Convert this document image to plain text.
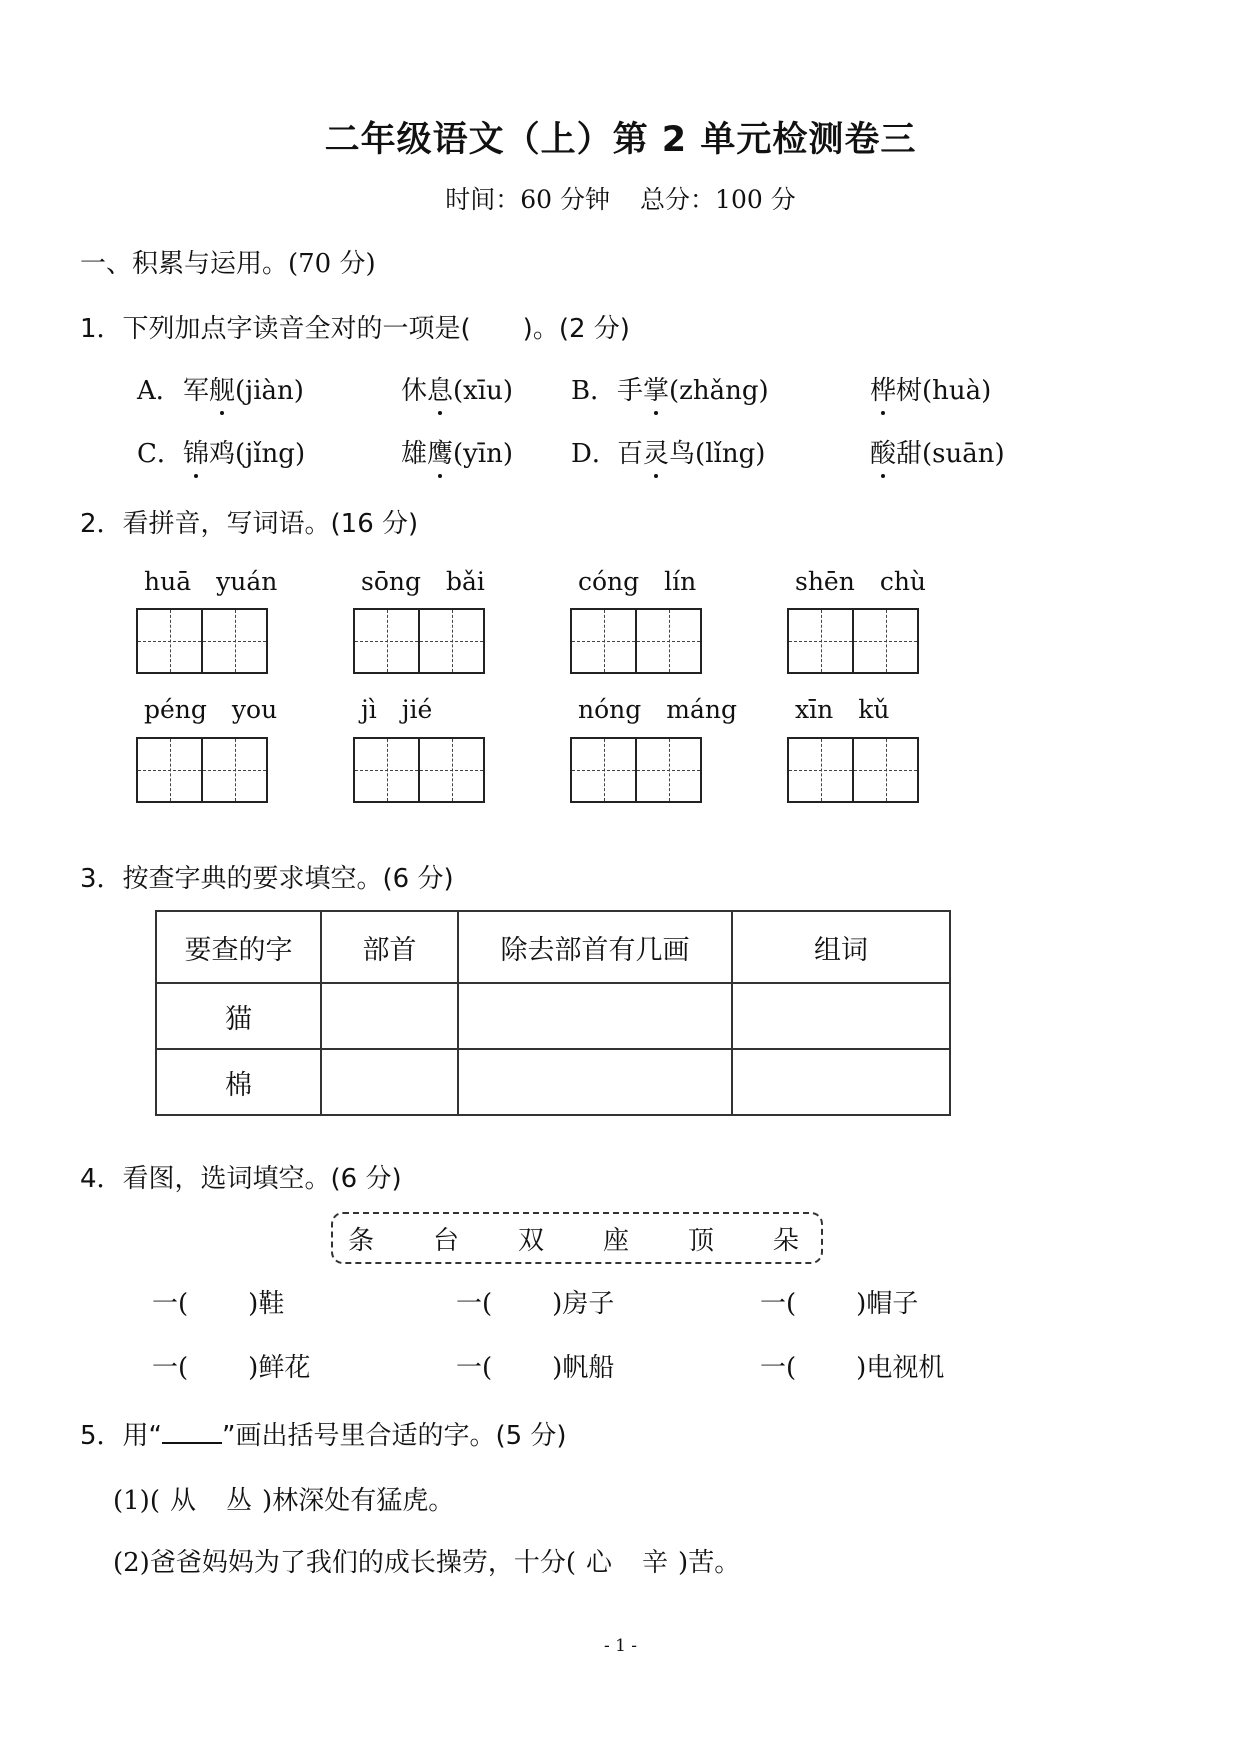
二年级语文（上）第 2 单元检测卷三
时间：60 分钟 总分：100 分
一、积累与运用。(70 分)
1．下列加点字读音全对的一项是(　　)。(2 分)
A．军舰(jiàn)	休息(xīu) B．手掌(zhǎng)	桦树(huà)
C．锦鸡(jǐng)	雄鹰(yīn) D．百灵鸟(lǐng)	酸甜(suān)
2．看拼音，写词语。(16 分)
huā　yuán	sōng　bǎi	cóng　lín	shēn　chù
péng　you	jì　jié	nóng　máng xīn　kǔ
3．按查字典的要求填空。(6 分)
要查的字	部首	除去部首有几画	组词
猫			
棉			
4．看图，选词填空。(6 分)
条 台 双 座 顶 朵
一( )鞋	一( )房子	一( )帽子
一( )鲜花	一( )帆船	一( )电视机
5．用“ ”画出括号里合适的字。(5 分)
(1)( 从 丛 )林深处有猛虎。
(2)爸爸妈妈为了我们的成长操劳，十分( 心 辛 )苦。
- 1 -
